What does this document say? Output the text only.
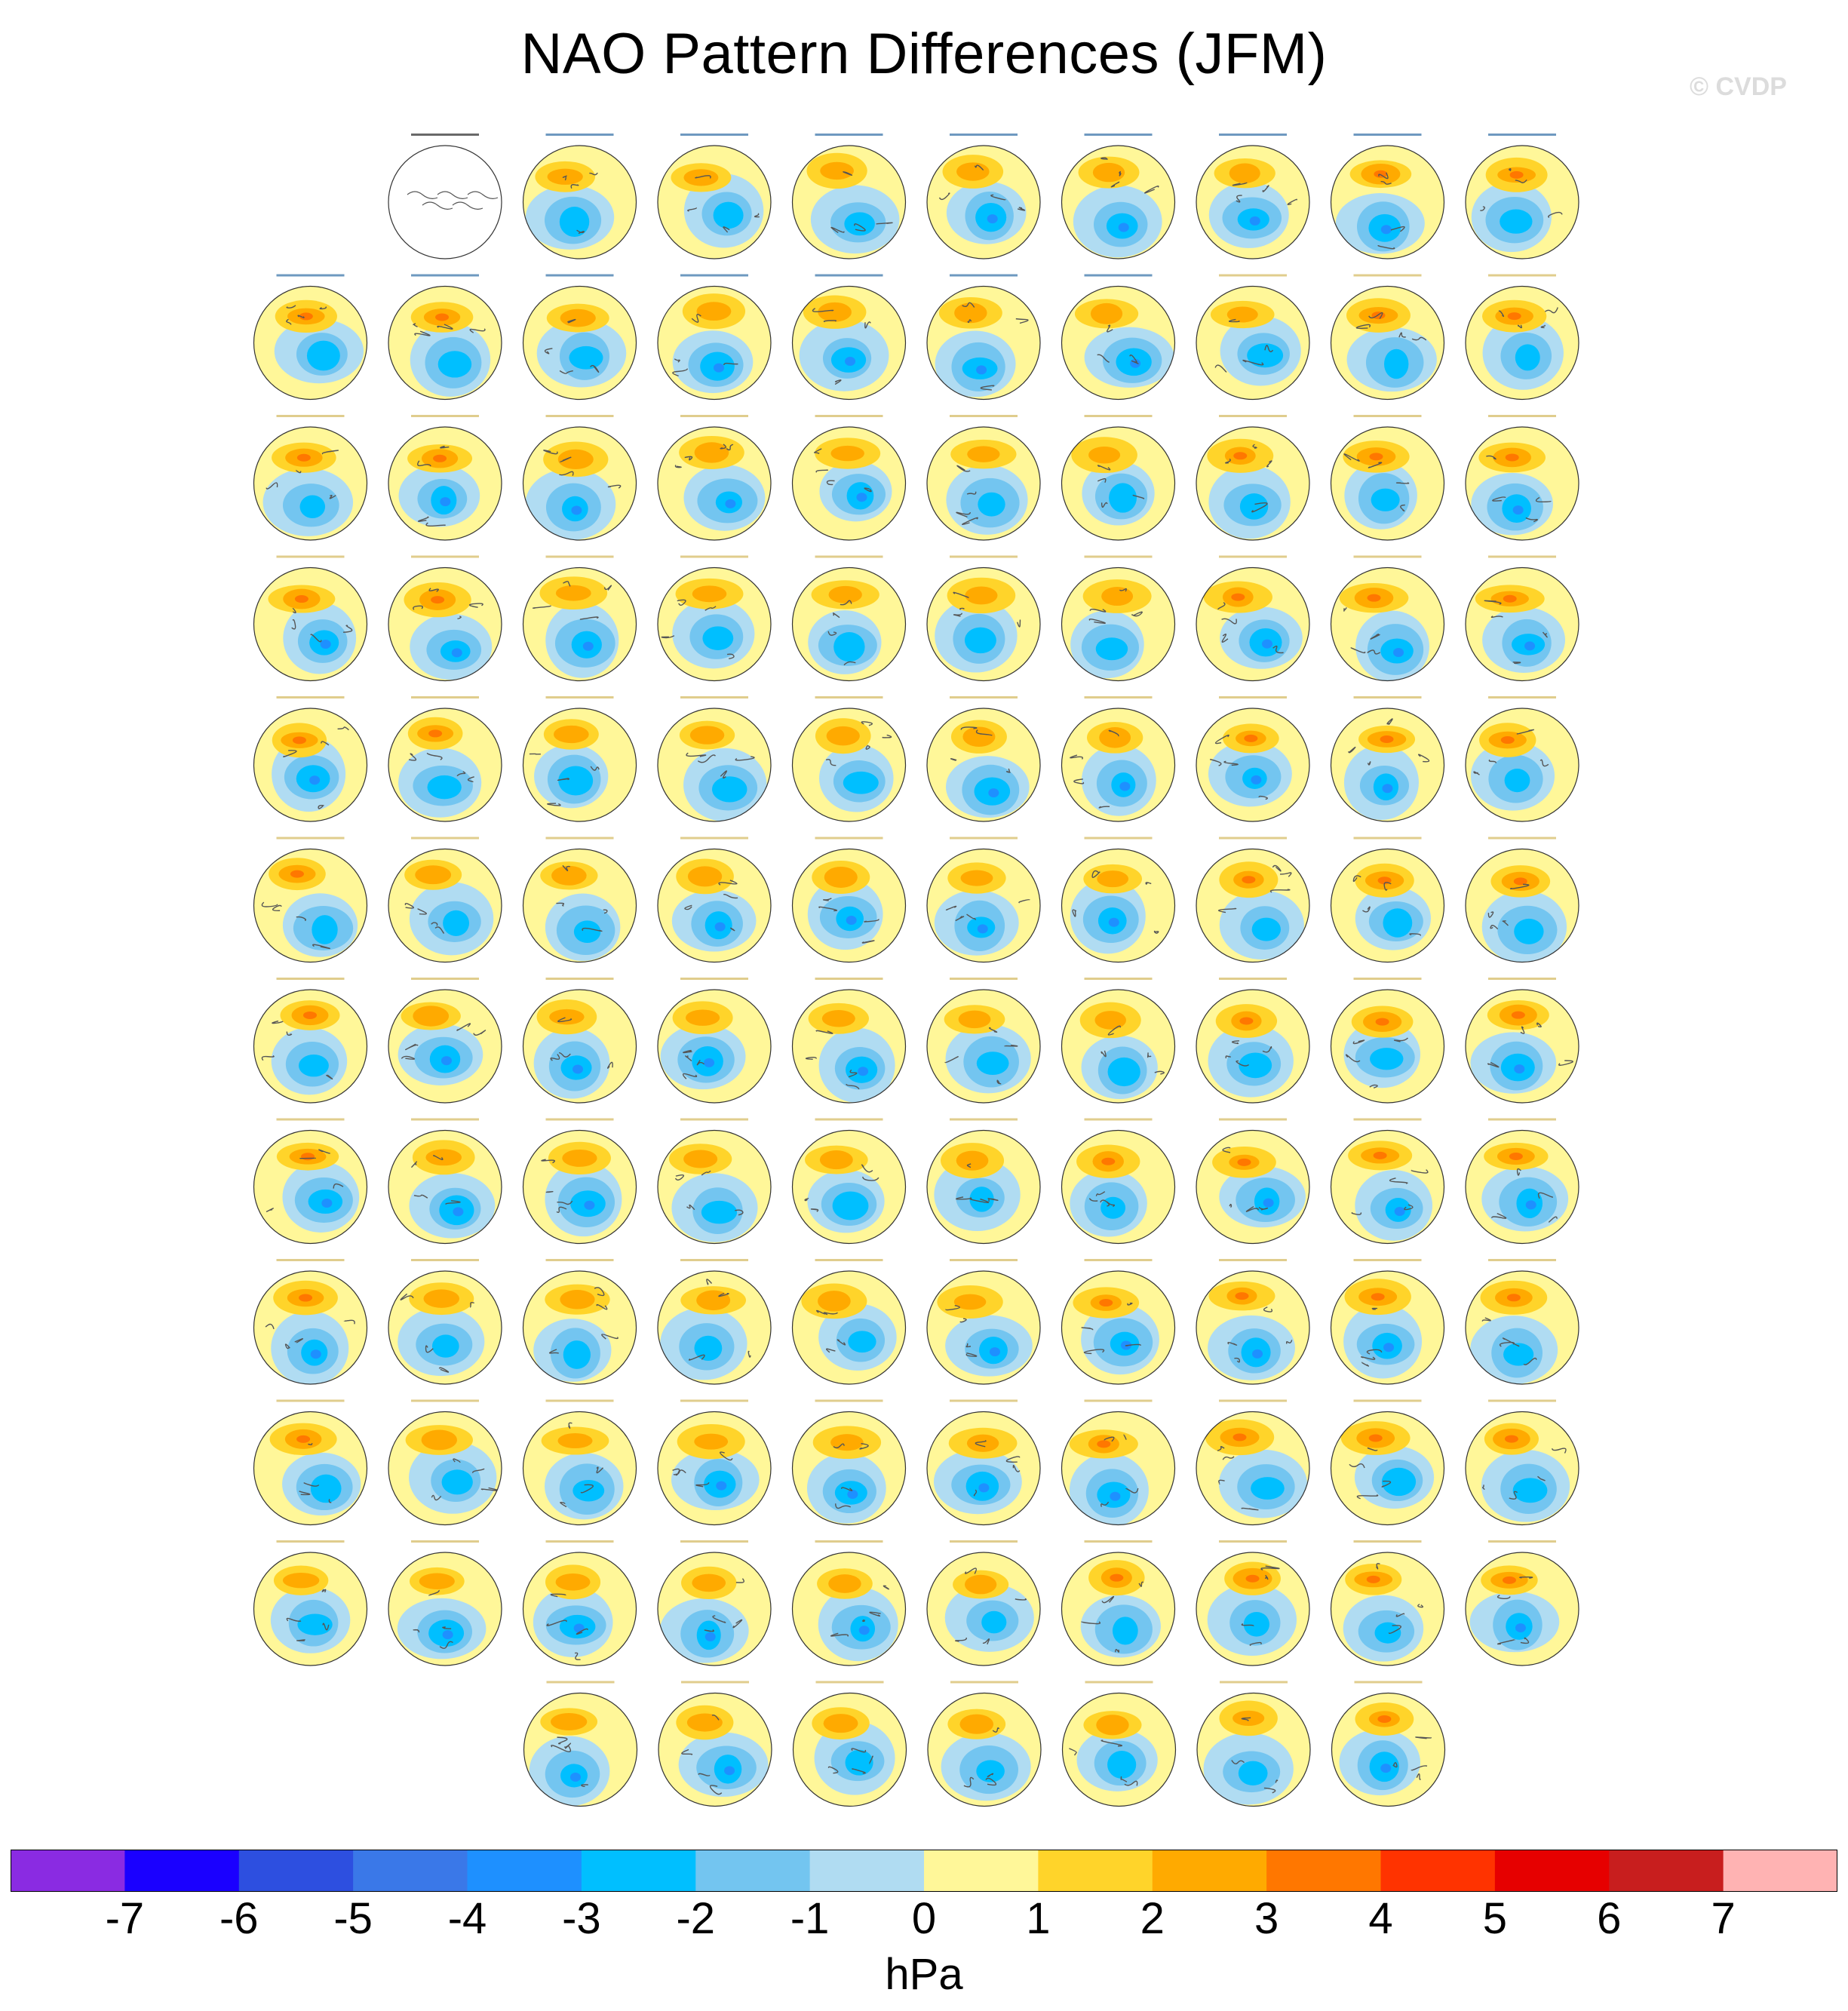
NAO Pattern Differences (JFM)
© CVDP
-7 -6 -5 -4 -3 -2 -1 0 1 2 3 4 5 6 7
hPa
